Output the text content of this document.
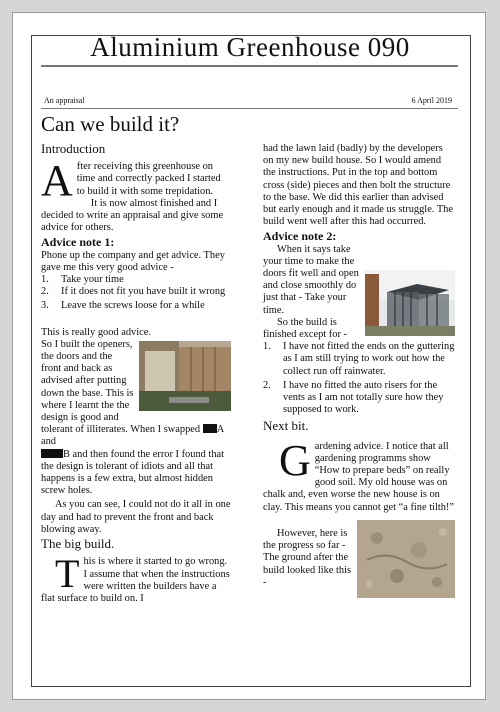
Aluminium Greenhouse 090
An appraisal	6 April 2019
Can we build it?
Introduction

After receiving this greenhouse on time and correctly packed I started to build it with some trepidation.

It is now almost finished and I decided to write an appraisal and give some advice for others.

Advice note 1:

Phone up the company and get advice. They gave me this very good advice -

1.	Take your time
2.	If it does not fit you have built it wrong
3.	Leave the screws loose for a while

This is really good advice.

So I built the openers, the doors and the front and back as advised after putting down the base. This is where I learnt the the design is good and tolerant of illiterates. When I swapped A and
B and then found the error I found that the design is tolerant of idiots and all that happens is a few extra, but almost hidden screw holes.

As you can see, I could not do it all in one day and had to prevent the front and back blowing away.

The big build.

This is where it started to go wrong. I assume that when the instructions were written the builders have a flat surface to build on. I

had the lawn laid (badly) by the developers on my new build house. So I would amend the instructions. Put in the top and bottom cross (side) pieces and then bolt the structure to the base. We did this earlier than advised but early enough and it made us struggle. The build went well after this had occurred.

Advice note 2:

When it says take your time to make the doors fit well and open and close smoothly do just that - Take your time.

So the build is finished except for -

1.	I have not fitted the ends on the guttering as I am still trying to work out how the collect run off rainwater.
2.	I have no fitted the auto risers for the vents as I am not totally sure how they supposed to work.
Next bit.

Gardening advice. I notice that all gardening programms show “How to prepare beds” on really good soil. My old house was on chalk and, even worse the new house is on clay. This means you cannot get “a fine tilth!”

However, here is the progress so far - The ground after the build looked like this -
